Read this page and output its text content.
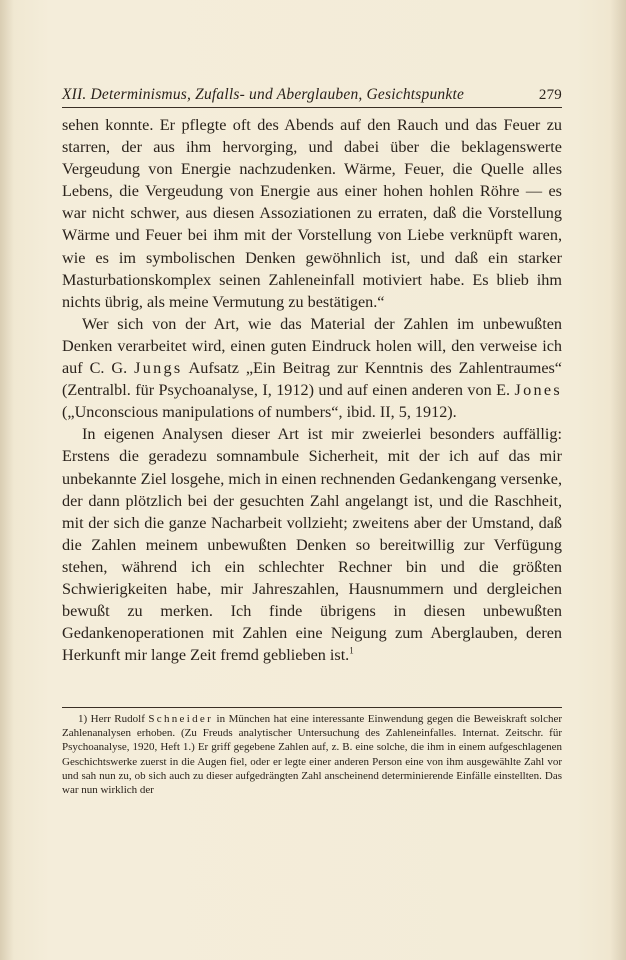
XII. Determinismus, Zufalls- und Aberglauben, Gesichtspunkte	279

sehen konnte. Er pflegte oft des Abends auf den Rauch und das Feuer zu starren, der aus ihm hervorging, und dabei über die beklagenswerte Vergeudung von Energie nachzudenken. Wärme, Feuer, die Quelle alles Lebens, die Vergeudung von Energie aus einer hohen hohlen Röhre — es war nicht schwer, aus diesen Assoziationen zu erraten, daß die Vorstellung Wärme und Feuer bei ihm mit der Vorstellung von Liebe verknüpft waren, wie es im symbolischen Denken gewöhnlich ist, und daß ein starker Masturbationskomplex seinen Zahleneinfall motiviert habe. Es blieb ihm nichts übrig, als meine Vermutung zu bestätigen.“

Wer sich von der Art, wie das Material der Zahlen im unbewußten Denken verarbeitet wird, einen guten Eindruck holen will, den verweise ich auf C. G. Jungs Aufsatz „Ein Beitrag zur Kenntnis des Zahlentraumes“ (Zentralbl. für Psychoanalyse, I, 1912) und auf einen anderen von E. Jones („Unconscious manipulations of numbers“, ibid. II, 5, 1912).

In eigenen Analysen dieser Art ist mir zweierlei besonders auffällig: Erstens die geradezu somnambule Sicherheit, mit der ich auf das mir unbekannte Ziel losgehe, mich in einen rechnenden Gedankengang versenke, der dann plötzlich bei der gesuchten Zahl angelangt ist, und die Raschheit, mit der sich die ganze Nacharbeit vollzieht; zweitens aber der Umstand, daß die Zahlen meinem unbewußten Denken so bereitwillig zur Verfügung stehen, während ich ein schlechter Rechner bin und die größten Schwierigkeiten habe, mir Jahreszahlen, Hausnummern und dergleichen bewußt zu merken. Ich finde übrigens in diesen unbewußten Gedankenoperationen mit Zahlen eine Neigung zum Aberglauben, deren Herkunft mir lange Zeit fremd geblieben ist.$^1$

1) Herr Rudolf Schneider in München hat eine interessante Einwendung gegen die Beweiskraft solcher Zahlenanalysen erhoben. (Zu Freuds analytischer Untersuchung des Zahleneinfalles. Internat. Zeitschr. für Psychoanalyse, 1920, Heft 1.) Er griff gegebene Zahlen auf, z. B. eine solche, die ihm in einem aufgeschlagenen Geschichtswerke zuerst in die Augen fiel, oder er legte einer anderen Person eine von ihm ausgewählte Zahl vor und sah nun zu, ob sich auch zu dieser aufgedrängten Zahl anscheinend determinierende Einfälle einstellten. Das war nun wirklich der
